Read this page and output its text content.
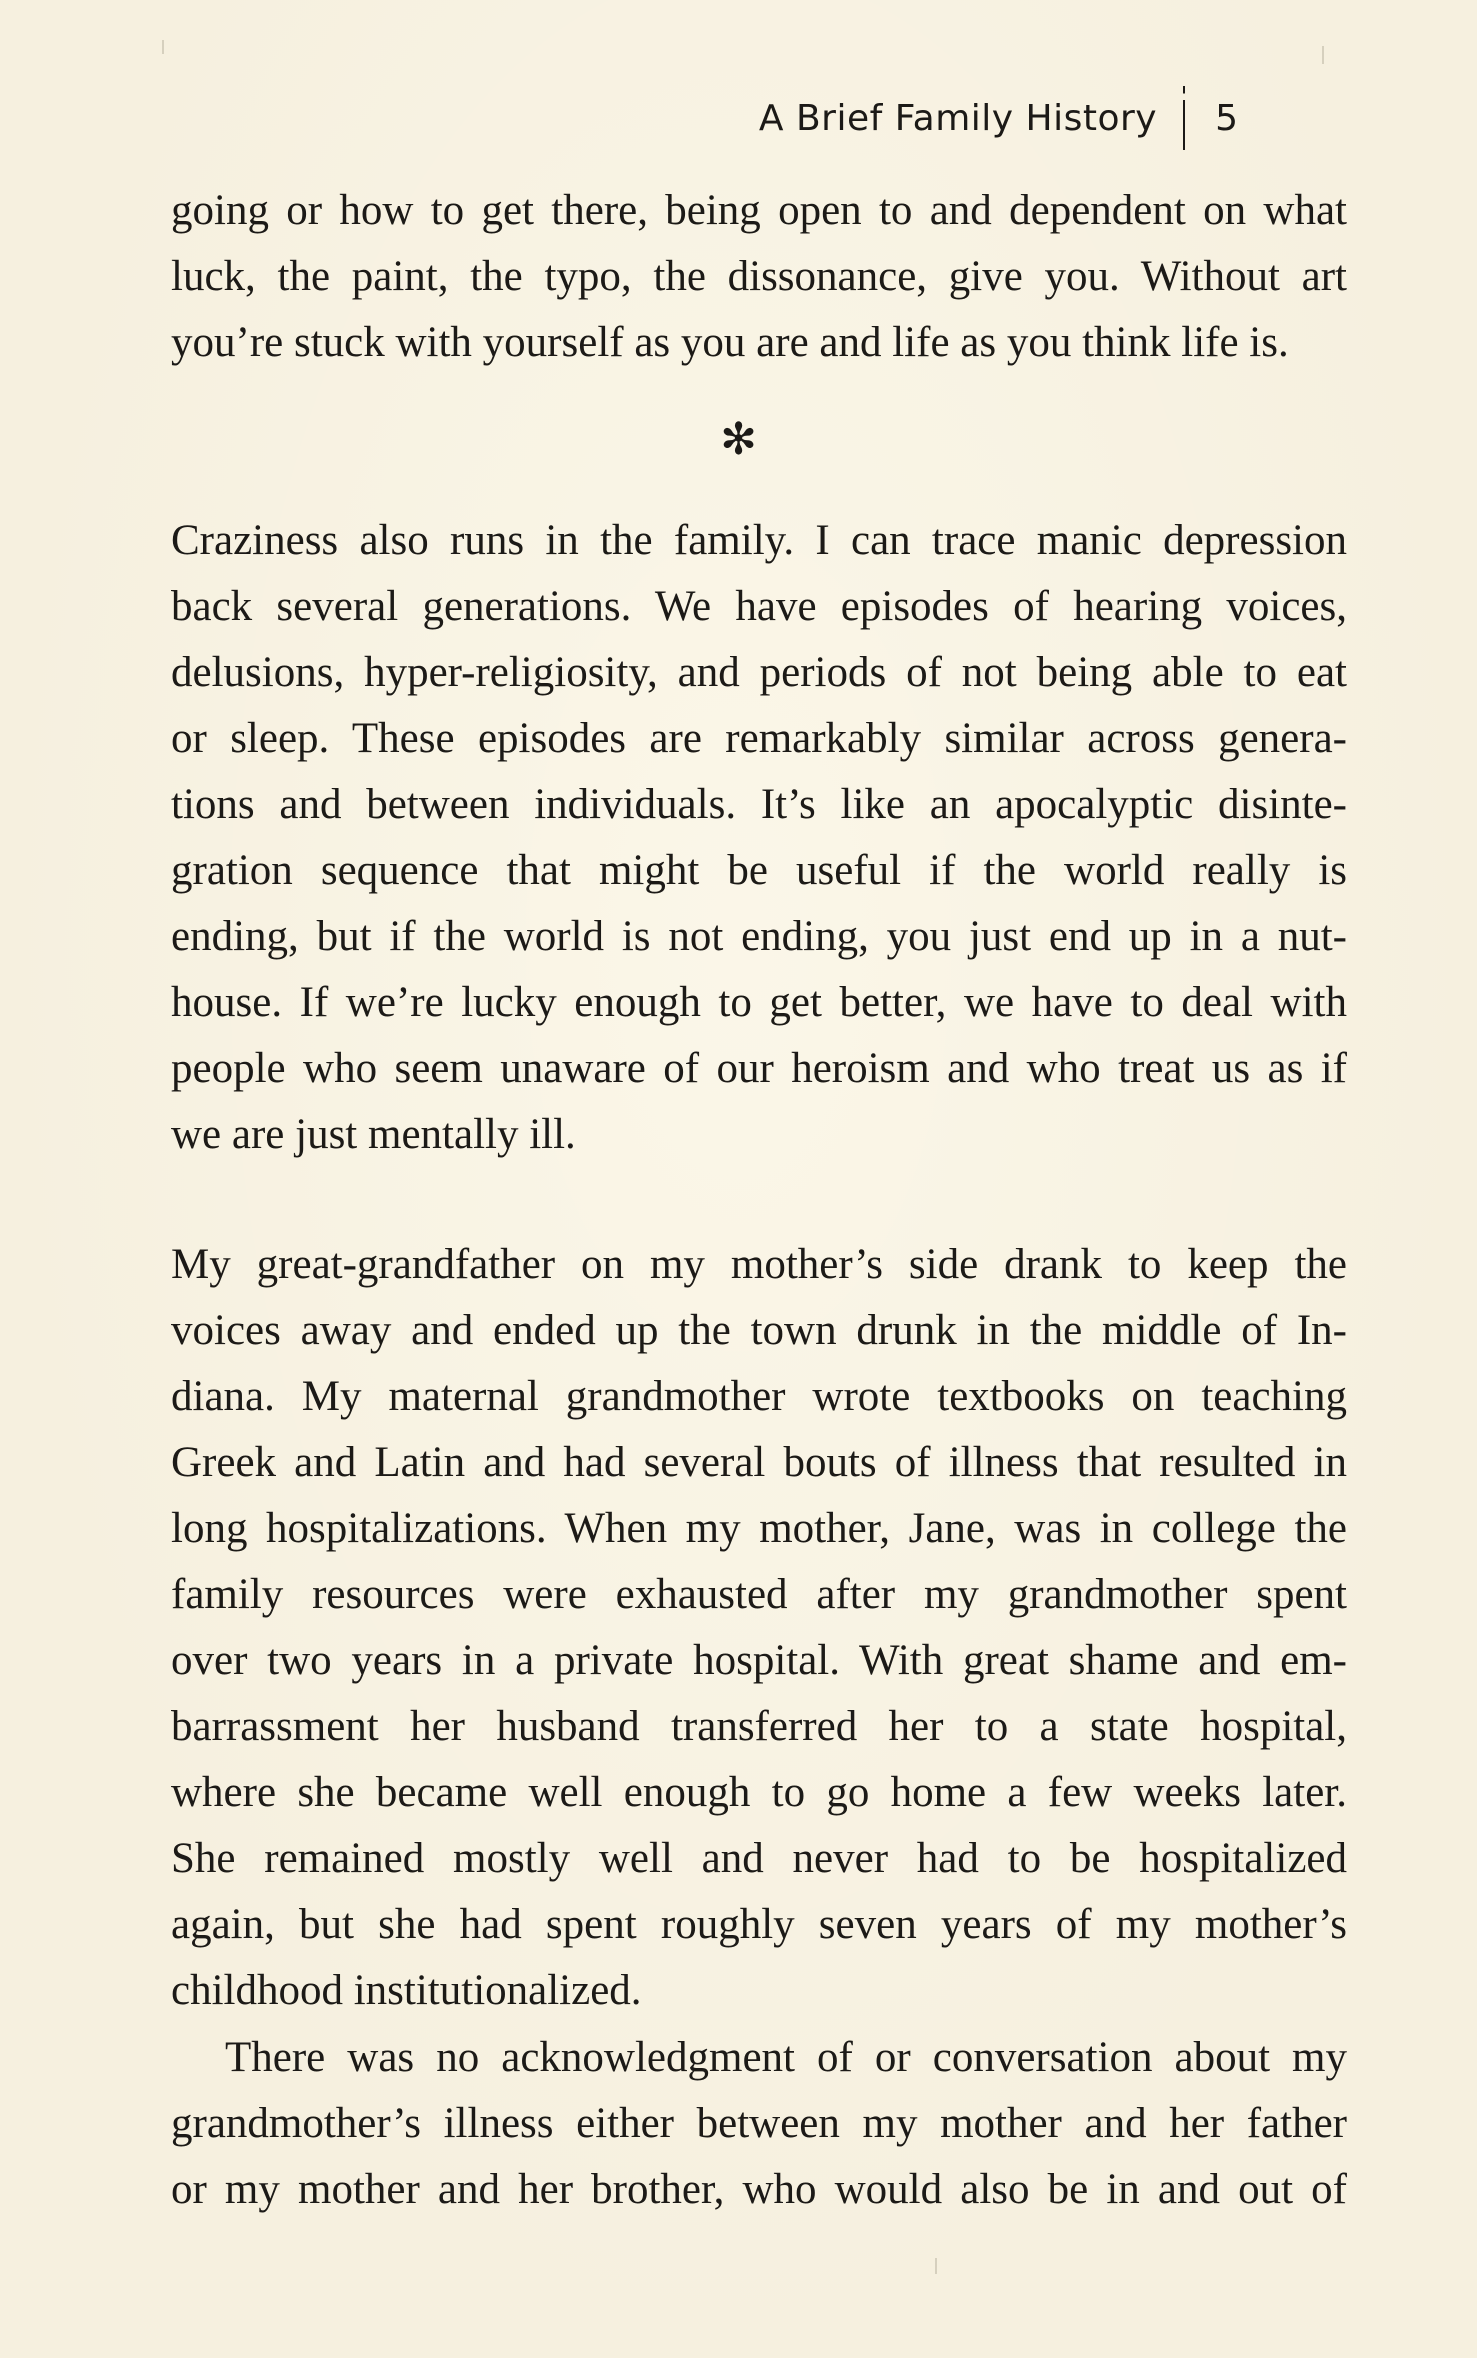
A Brief Family History 5
going or how to get there, being open to and dependent on what
luck, the paint, the typo, the dissonance, give you. Without art
you’re stuck with yourself as you are and life as you think life is.
✻
Craziness also runs in the family. I can trace manic depression
back several generations. We have episodes of hearing voices,
delusions, hyper-religiosity, and periods of not being able to eat
or sleep. These episodes are remarkably similar across genera-
tions and between individuals. It’s like an apocalyptic disinte-
gration sequence that might be useful if the world really is
ending, but if the world is not ending, you just end up in a nut-
house. If we’re lucky enough to get better, we have to deal with
people who seem unaware of our heroism and who treat us as if
we are just mentally ill.
My great-grandfather on my mother’s side drank to keep the
voices away and ended up the town drunk in the middle of In-
diana. My maternal grandmother wrote textbooks on teaching
Greek and Latin and had several bouts of illness that resulted in
long hospitalizations. When my mother, Jane, was in college the
family resources were exhausted after my grandmother spent
over two years in a private hospital. With great shame and em-
barrassment her husband transferred her to a state hospital,
where she became well enough to go home a few weeks later.
She remained mostly well and never had to be hospitalized
again, but she had spent roughly seven years of my mother’s
childhood institutionalized.
There was no acknowledgment of or conversation about my
grandmother’s illness either between my mother and her father
or my mother and her brother, who would also be in and out of
